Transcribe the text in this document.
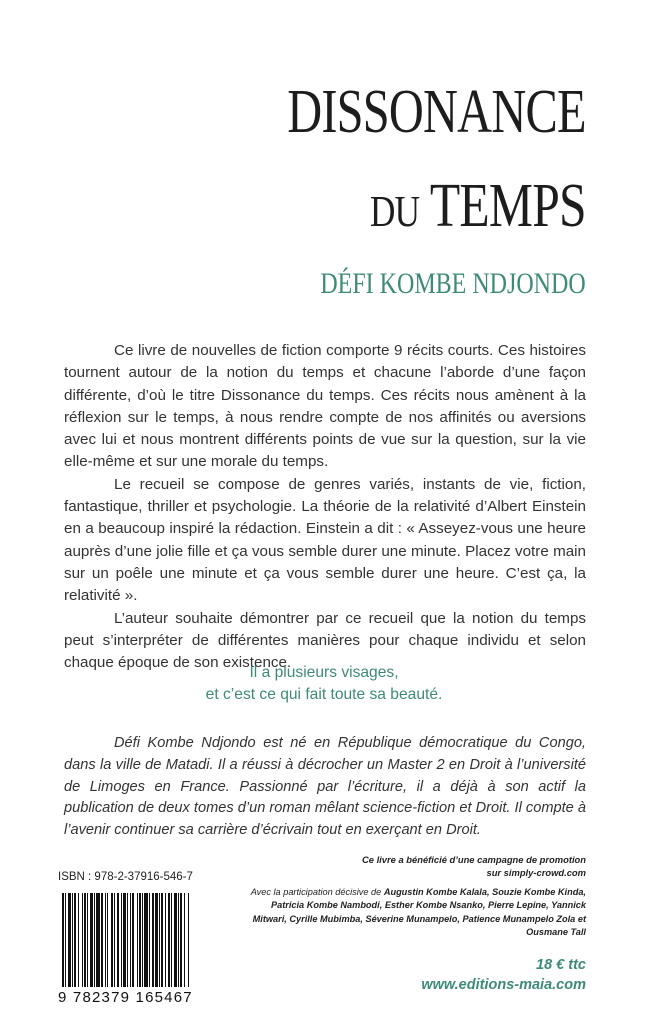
DISSONANCE
DU TEMPS
DÉFI KOMBE NDJONDO

Ce livre de nouvelles de fiction comporte 9 récits courts. Ces histoires tournent autour de la notion du temps et chacune l’aborde d’une façon différente, d’où le titre Dissonance du temps. Ces récits nous amènent à la réflexion sur le temps, à nous rendre compte de nos affinités ou aversions avec lui et nous montrent différents points de vue sur la question, sur la vie elle-même et sur une morale du temps.

Le recueil se compose de genres variés, instants de vie, fiction, fantastique, thriller et psychologie. La théorie de la relativité d’Albert Einstein en a beaucoup inspiré la rédaction. Einstein a dit : « Asseyez-vous une heure auprès d’une jolie fille et ça vous semble durer une minute. Placez votre main sur un poêle une minute et ça vous semble durer une heure. C’est ça, la relativité ».

L’auteur souhaite démontrer par ce recueil que la notion du temps peut s’interpréter de différentes manières pour chaque individu et selon chaque époque de son existence.

Il a plusieurs visages,
et c’est ce qui fait toute sa beauté.
Défi Kombe Ndjondo est né en République démocratique du Congo, dans la ville de Matadi. Il a réussi à décrocher un Master 2 en Droit à l’université de Limoges en France. Passionné par l’écriture, il a déjà à son actif la publication de deux tomes d’un roman mêlant science-fiction et Droit. Il compte à l’avenir continuer sa carrière d’écrivain tout en exerçant en Droit.
Ce livre a bénéficié d’une campagne de promotion
sur simply-crowd.com
Avec la participation décisive de Augustin Kombe Kalala, Souzie Kombe Kinda, Patricia Kombe Nambodi, Esther Kombe Nsanko, Pierre Lepine, Yannick Mitwari, Cyrille Mubimba, Séverine Munampelo, Patience Munampelo Zola et Ousmane Tall
ISBN : 978-2-37916-546-7
9 782379 165467
18 € ttc
www.editions-maia.com
